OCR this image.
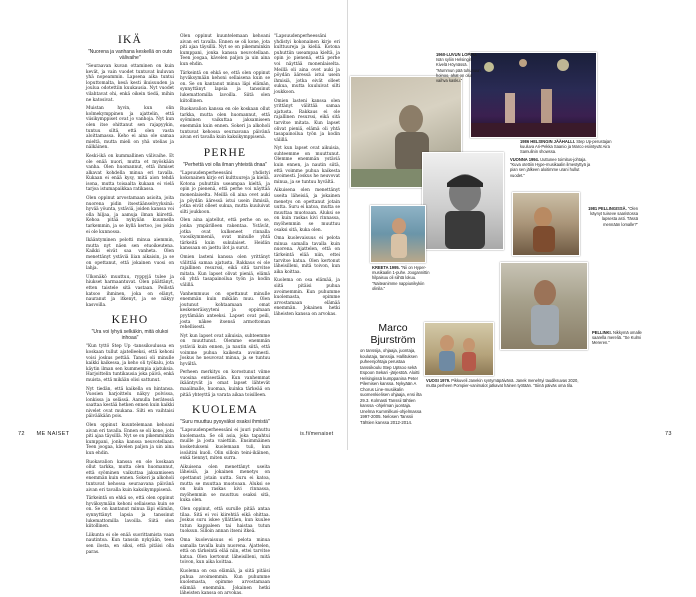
IKÄ
"Nuorena ja vanhana keskellä on outo välivaihe"

"Seuraavan kuvan ottaminen on kuin kevät, ja vain vuodet tuntuvat kuluvan yhä nopeammin. Lapsena aika tuntui loputtomalta, kesä kesti ikuisuuden ja joulua odotettiin kuukausia. Nyt vuodet vilahtavat ohi, enkä oikein tiedä, mihin ne katosivat.

Muistan hyvin, kun olin kolmekymppinen ja ajattelin, että viisikymppiset ovat jo vanhoja. Nyt kun olen itse ohittanut sen rajapyykin, tuntuu siltä, että olen vasta aloittamassa. Keho ei aina ole samaa mieltä, mutta mieli on yhä utelias ja nälkäinen.

Keski-ikä on kummallinen välivaihe. Et ole enää nuori, mutta et myöskään vanha. Olen huomannut, että ihmiset alkavat kohdella minua eri tavalla. Kukaan ei enää kysy, mitä aion tehdä isona, mutta toisaalta kukaan ei vielä tarjoa istumapaikkaa ratikassa.

Olen oppinut arvostamaan asioita, joita nuorena pidin itsestäänselvyyksinä: hyvää yöunta, ystäviä, joiden kanssa voi olla hiljaa, ja aamuja ilman kiirettä. Kehoa pitää nykyään kuunnella tarkemmin, ja se kyllä kertoo, jos jokin ei ole kunnossa.

Ikääntyminen pelotti minua aiemmin, mutta nyt näen sen etuoikeutena. Kaikki eivät saa vanheta. Olen menettänyt ystäviä liian aikaisin, ja se on opettanut, että jokainen vuosi on lahja.

Ulkonäkö muuttuu, ryppyjä tulee ja hiukset harmaantuvat. Olen päättänyt, etten taistele sitä vastaan. Peilistä katsoo ihminen, joka on elänyt, nauranut ja itkenyt, ja se näkyy kasvoilla.

KEHO
"Ura voi lyhyä selkäkin, mitä olukoi inhoaa"

"Kun tyttö Step Up -tanssikoulussa en koskaan tullut ajatelleeksi, että kehoni voisi joskus pettää. Tanssi oli minulle kaikki kaikessa, ja keho oli työkalu, jota käytin ilman sen kummempia ajatuksia. Harjoittelin tuntikausia joka päivä, enkä muista, että mikään olisi sattunut.

Nyt tiedän, että kaikella on hintansa. Vuosien harjoittelu näkyy polvissa, lonkissa ja selässä. Aamulla herätessä saattaa kestää hetken ennen kuin kaikki nivelet ovat mukana. Silti en vaihtaisi päivääkään pois.

Olen oppinut kuuntelemaan kehoani aivan eri tavalla. Ennen se oli kone, jota piti ajaa täysillä. Nyt se on pikemminkin kumppani, jonka kanssa neuvotellaan. Teen joogaa, kävelen paljon ja uin aina kun ehdin.

Ruokavalion kanssa en ole koskaan ollut tarkka, mutta olen huomannut, että syöminen vaikuttaa jaksamiseen enemmän kuin ennen. Sokeri ja alkoholi tuntuvat kehossa seuraavana päivänä aivan eri tavalla kuin kaksikymppisenä.

Tärkeintä on ehkä se, että olen oppinut hyväksymään kehoni sellaisena kuin se on. Se on kantanut minua läpi elämän, synnyttänyt lapsia ja tanssinut lukemattomilla lavoilla. Siitä olen kiitollinen.

Liikunta ei ole enää suorittamista vaan nautintoa. Kun tanssin nykyään, teen sen ilosta, en siksi, että pitäisi olla paras.

Olen oppinut kuuntelemaan kehoani aivan eri tavalla. Ennen se oli kone, jota piti ajaa täysillä. Nyt se on pikemminkin kumppani, jonka kanssa neuvotellaan. Teen joogaa, kävelen paljon ja uin aina kun ehdin.

Tärkeintä on ehkä se, että olen oppinut hyväksymään kehoni sellaisena kuin se on. Se on kantanut minua läpi elämän, synnyttänyt lapsia ja tanssinut lukemattomilla lavoilla. Siitä olen kiitollinen.

Ruokavalion kanssa en ole koskaan ollut tarkka, mutta olen huomannut, että syöminen vaikuttaa jaksamiseen enemmän kuin ennen. Sokeri ja alkoholi tuntuvat kehossa seuraavana päivänä aivan eri tavalla kuin kaksikymppisenä.

PERHE
"Perhettä voi olla ilman yhteistä dnaa"

"Lapsuudenperheessäni yhdistyi kokonainen kirjo eri kulttuureja ja kieliä. Kotona puhuttiin useampaa kieltä, ja opin jo pienenä, että perhe voi näyttää monenlaiselta. Meillä oli aina ovet auki ja pöydän ääressä istui usein ihmisiä, jotka eivät olleet sukua, mutta kuuluivat silti joukkoon.

Olen aina ajatellut, että perhe on se, jonka ympärilleen rakentaa. Ystävät, jotka ovat kulkeneet rinnalla vuosikymmeniä, ovat minulle yhtä tärkeitä kuin sukulaiset. Heidän kanssaan on jaettu ilot ja surut.

Omien lasteni kanssa olen yrittänyt välittää samaa ajatusta. Rakkaus ei ole rajallinen resurssi, eikä sitä tarvitse mitata. Kun lapset olivat pieniä, elämä oli yhtä tasapainoilua työn ja kodin välillä.

Vanhemmuus on opettanut minulle enemmän kuin mikään muu. Olen joutunut kohtaamaan omat keskeneräisyyteni ja oppimaan pyytämään anteeksi. Lapset ovat peili, josta näkee itsensä armottoman rehellisesti.

Nyt kun lapset ovat aikuisia, suhteemme on muuttunut. Olemme enemmän ystäviä kuin ennen, ja nautin siitä, että voimme puhua kaikesta avoimesti. Joskus he neuvovat minua, ja se tuntuu hyvältä.

Perheen merkitys on korostunut viime vuosina entisestään. Kun vanhemmat ikääntyvät ja omat lapset lähtevät maailmalle, huomaa, kuinka tärkeää on pitää yhteyttä ja varata aikaa toisilleen.

KUOLEMA
"Suru muuttuu pysyväksi osaksi ihmistä"

"Lapsuudenperheessäni ei juuri puhuttu kuolemasta. Se oli asia, joka tapahtui muille ja josta vaiettiin. Ensimmäinen kosketukseni kuolemaan tuli, kun isoäitini kuoli. Olin silloin teini-ikäinen, enkä tiennyt, miten surra.

Aikuisena olen menettänyt useita läheisiä, ja jokainen menetys on opettanut jotain uutta. Suru ei katoa, mutta se muuttaa muotoaan. Aluksi se on kuin raskas kivi rinnassa, myöhemmin se muuttuu osaksi sitä, kuka olen.

Olen oppinut, että surulle pitää antaa tilaa. Sitä ei voi kiirehtiä eikä ohittaa. Joskus suru iskee yllättäen, kun kuulee tutun kappaleen tai haistaa tutun tuoksun. Silloin annan itseni itkeä.

Oma kuolevaisuus ei pelota minua samalla tavalla kuin nuorena. Ajattelen, että on tärkeintä elää niin, ettei tarvitse katua. Olen kertonut läheisilleni, mitä toivon, kun aika koittaa.

Kuolema on osa elämää, ja siitä pitäisi puhua avoimemmin. Kun puhumme kuolemasta, opimme arvostamaan elämää enemmän. Jokainen hetki läheisten kanssa on arvokas.

"Lapsuudenperheessäni yhdistyi kokonainen kirjo eri kulttuureja ja kieliä. Kotona puhuttiin useampaa kieltä, ja opin jo pienenä, että perhe voi näyttää monenlaiselta. Meillä oli aina ovet auki ja pöydän ääressä istui usein ihmisiä, jotka eivät olleet sukua, mutta kuuluivat silti joukkoon.

Omien lasteni kanssa olen yrittänyt välittää samaa ajatusta. Rakkaus ei ole rajallinen resurssi, eikä sitä tarvitse mitata. Kun lapset olivat pieniä, elämä oli yhtä tasapainoilua työn ja kodin välillä.

Nyt kun lapset ovat aikuisia, suhteemme on muuttunut. Olemme enemmän ystäviä kuin ennen, ja nautin siitä, että voimme puhua kaikesta avoimesti. Joskus he neuvovat minua, ja se tuntuu hyvältä.

Aikuisena olen menettänyt useita läheisiä, ja jokainen menetys on opettanut jotain uutta. Suru ei katoa, mutta se muuttaa muotoaan. Aluksi se on kuin raskas kivi rinnassa, myöhemmin se muuttuu osaksi sitä, kuka olen.

Oma kuolevaisuus ei pelota minua samalla tavalla kuin nuorena. Ajattelen, että on tärkeintä elää niin, ettei tarvitse katua. Olen kertonut läheisilleni, mitä toivon, kun aika koittaa.

Kuolema on osa elämää, ja siitä pitäisi puhua avoimemmin. Kun puhumme kuolemasta, opimme arvostamaan elämää enemmän. Jokainen hetki läheisten kanssa on arvokas.

1960-LUVUN LOPPU. Isän syliin Helsingin Kivelä Höynässä. "Mummun pää tuhunuun hoinoo, ahat on olut vaihva kasku."
1986 HELSINGIN JÄÄHALLI. Step Up-perustajan kuuluva Ari-Pekka Saanio ja Marco esiintyvät Aira Samulinin showssa.
VUONNA 1994. Uuttunee toimitus-johtaja. "Kuva otettiin Hype-musikaalin ilmestyttyä ja pian sen jälkeen aloitimme urani hullut vuodet."
1981 PELLINGISSÄ. "Olen käynyt tuiseve saaristossa lapsesta asti. Tässä mennään lomalle?"
KREETA 1995. "Nii on Hyper-musikaalin 1-puhe. Joogannittin hilpaisuu oli siihtä lokuu. "Naiteanimme nappiunikykiin olinila."
PELLINKI. Nikkymä omalle saarella mereliä. "Se Kulmi Mereren."
Marco
Bjurström
on tanssija, ohjaaja, juontaja, koulutaja, tanssija. Hallituksen puheenjohtaja perustaa tanssikoulu Step Uptsoo sekä Espoon Sekari -järjestöä. Aloitti Helsingissä kumppanina Peter Pilemisen kanssa. Nykyään A Chorus Line-musiikalin suomenkielisen ohjaaja, ensi ilta 29.3. Kolmasti Tanssii tähtien kanssa -ohjelman juontaja. Unelma Kummilkuni-ohjelmassa 1997-2005. Nelosen Tanssii Tähtien kanssa 2012-2014.
VUOSI 1979. Pikkuveli Janekin syntymäpäivänä. Janek menehtyi taudiksuvas 2020, mutta perheen Pompier-vanimalot jatkavat häinen työtään. "Siinä päiväs oma tila.
72 ME NAISET	is.fi/menaiset	73
